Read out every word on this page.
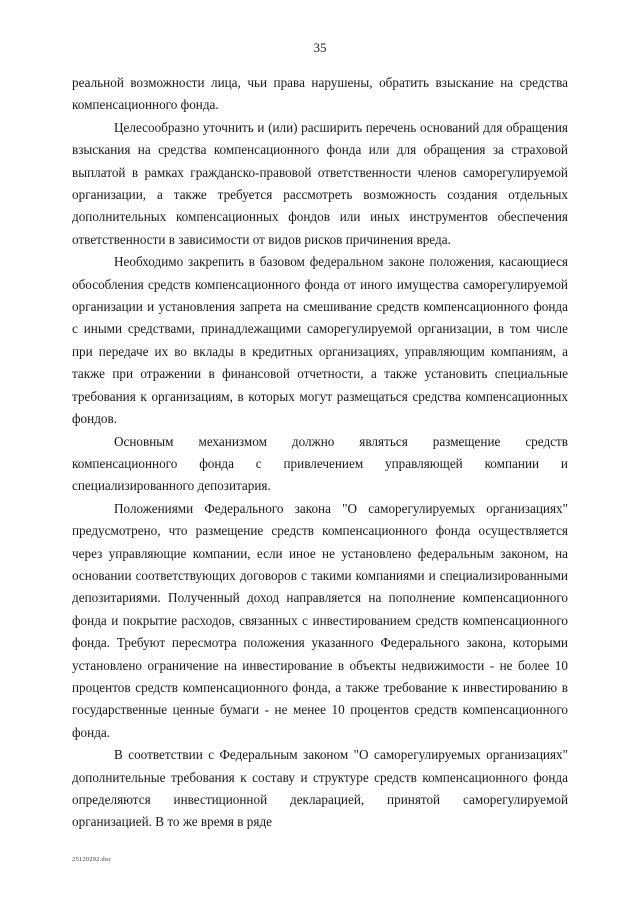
35

реальной возможности лица, чьи права нарушены, обратить взыскание на средства компенсационного фонда.

Целесообразно уточнить и (или) расширить перечень оснований для обращения взыскания на средства компенсационного фонда или для обращения за страховой выплатой в рамках гражданско-правовой ответственности членов саморегулируемой организации, а также требуется рассмотреть возможность создания отдельных дополнительных компенсационных фондов или иных инструментов обеспечения ответственности в зависимости от видов рисков причинения вреда.

Необходимо закрепить в базовом федеральном законе положения, касающиеся обособления средств компенсационного фонда от иного имущества саморегулируемой организации и установления запрета на смешивание средств компенсационного фонда с иными средствами, принадлежащими саморегулируемой организации, в том числе при передаче их во вклады в кредитных организациях, управляющим компаниям, а также при отражении в финансовой отчетности, а также установить специальные требования к организациям, в которых могут размещаться средства компенсационных фондов.

Основным механизмом должно являться размещение средств компенсационного фонда с привлечением управляющей компании и специализированного депозитария.

Положениями Федерального закона "О саморегулируемых организациях" предусмотрено, что размещение средств компенсационного фонда осуществляется через управляющие компании, если иное не установлено федеральным законом, на основании соответствующих договоров с такими компаниями и специализированными депозитариями. Полученный доход направляется на пополнение компенсационного фонда и покрытие расходов, связанных с инвестированием средств компенсационного фонда. Требуют пересмотра положения указанного Федерального закона, которыми установлено ограничение на инвестирование в объекты недвижимости - не более 10 процентов средств компенсационного фонда, а также требование к инвестированию в государственные ценные бумаги - не менее 10 процентов средств компенсационного фонда.

В соответствии с Федеральным законом "О саморегулируемых организациях" дополнительные требования к составу и структуре средств компенсационного фонда определяются инвестиционной декларацией, принятой саморегулируемой организацией. В то же время в ряде

25120292.doc
